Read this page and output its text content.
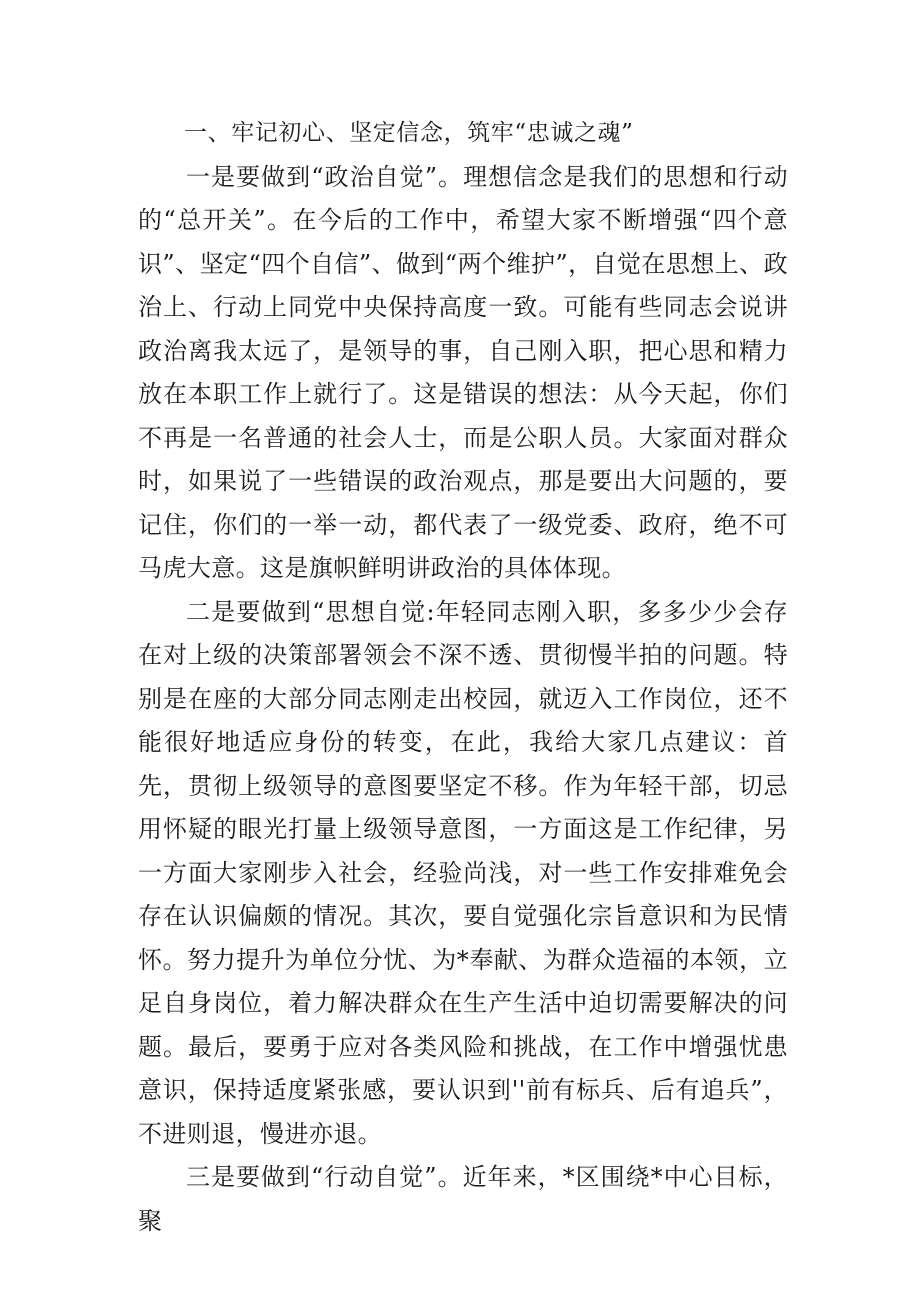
一、牢记初心、坚定信念，筑牢“忠诚之魂”

一是要做到“政治自觉”。理想信念是我们的思想和行动的“总开关”。在今后的工作中，希望大家不断增强“四个意识”、坚定“四个自信”、做到“两个维护”，自觉在思想上、政治上、行动上同党中央保持高度一致。可能有些同志会说讲政治离我太远了，是领导的事，自己刚入职，把心思和精力放在本职工作上就行了。这是错误的想法：从今天起，你们不再是一名普通的社会人士，而是公职人员。大家面对群众时，如果说了一些错误的政治观点，那是要出大问题的，要记住，你们的一举一动，都代表了一级党委、政府，绝不可马虎大意。这是旗帜鲜明讲政治的具体体现。

二是要做到“思想自觉:年轻同志刚入职，多多少少会存在对上级的决策部署领会不深不透、贯彻慢半拍的问题。特别是在座的大部分同志刚走出校园，就迈入工作岗位，还不能很好地适应身份的转变，在此，我给大家几点建议：首先，贯彻上级领导的意图要坚定不移。作为年轻干部，切忌用怀疑的眼光打量上级领导意图，一方面这是工作纪律，另一方面大家刚步入社会，经验尚浅，对一些工作安排难免会存在认识偏颇的情况。其次，要自觉强化宗旨意识和为民情怀。努力提升为单位分忧、为*奉献、为群众造福的本领，立足自身岗位，着力解决群众在生产生活中迫切需要解决的问题。最后，要勇于应对各类风险和挑战，在工作中增强忧患意识，保持适度紧张感，要认识到''前有标兵、后有追兵”，不进则退，慢进亦退。

三是要做到“行动自觉”。近年来，*区围绕*中心目标，聚
